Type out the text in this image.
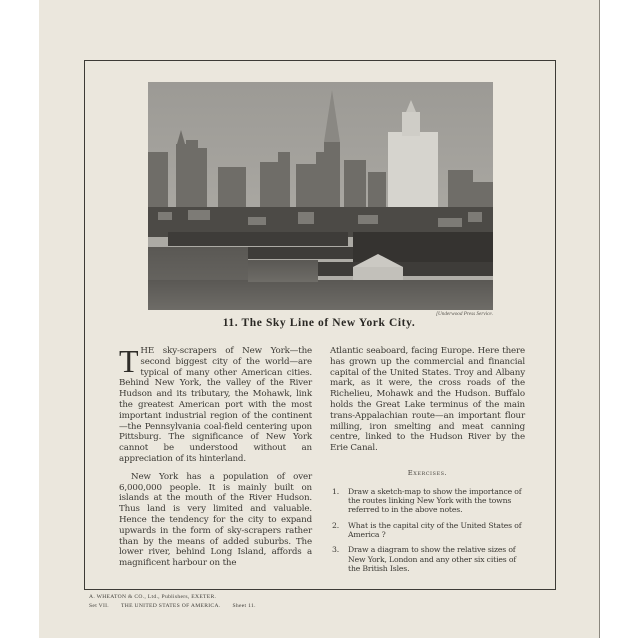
[Underwood Press Service.
11. The Sky Line of New York City.

THE sky-scrapers of New York—the second biggest city of the world—are typical of many other American cities. Behind New York, the valley of the River Hudson and its tributary, the Mohawk, link the greatest American port with the most important industrial region of the continent—the Pennsylvania coal-field centering upon Pittsburg. The significance of New York cannot be understood without an appreciation of its hinterland.

New York has a population of over 6,000,000 people. It is mainly built on islands at the mouth of the River Hudson. Thus land is very limited and valuable. Hence the tendency for the city to expand upwards in the form of sky-scrapers rather than by the means of added suburbs. The lower river, behind Long Island, affords a magnificent harbour on the

Atlantic seaboard, facing Europe. Here there has grown up the commercial and financial capital of the United States. Troy and Albany mark, as it were, the cross roads of the Richelieu, Mohawk and the Hudson. Buffalo holds the Great Lake terminus of the main trans-Appalachian route—an important flour milling, iron smelting and meat canning centre, linked to the Hudson River by the Erie Canal.

Exercises.
1.	Draw a sketch-map to show the importance of the routes linking New York with the towns referred to in the above notes.
2.	What is the capital city of the United States of America ?
3.	Draw a diagram to show the relative sizes of New York, London and any other six cities of the British Isles.
A. WHEATON & CO., Ltd., Publishers, EXETER.
Set VII. THE UNITED STATES OF AMERICA. Sheet 11.
